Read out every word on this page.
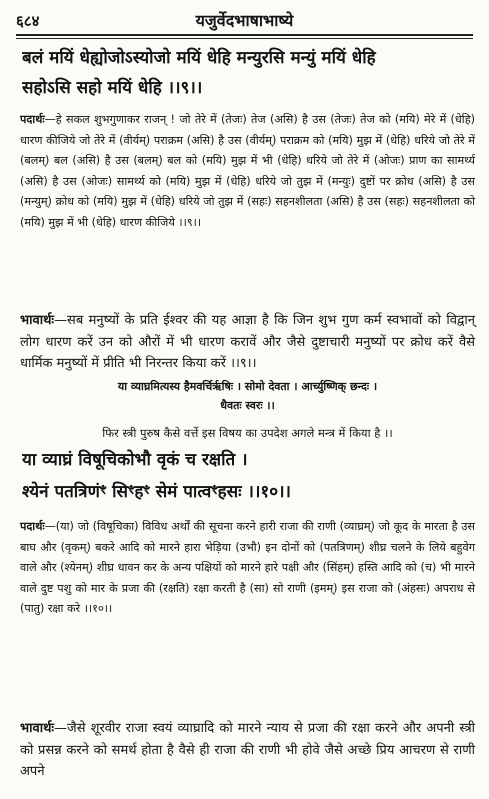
६८४	यजुर्वेदभाषाभाष्ये
बलं मयिं धेह्योजोऽस्योजो मयिं धेहि मन्युरसि मन्युं मयिं धेहि
सहोऽसि सहो मयिं धेहि ।।९।।
पदार्थः—हे सकल शुभगुणाकर राजन् ! जो तेरे में (तेजः) तेज (असि) है उस (तेजः) तेज को (मयि) मेरे में (धेहि) धारण कीजिये जो तेरे में (वीर्यम्) पराक्रम (असि) है उस (वीर्यम्) पराक्रम को (मयि) मुझ में (धेहि) धरिये जो तेरे में (बलम्) बल (असि) है उस (बलम्) बल को (मयि) मुझ में भी (धेहि) धरिये जो तेरे में (ओजः) प्राण का सामर्थ्य (असि) है उस (ओजः) सामर्थ्य को (मयि) मुझ में (धेहि) धरिये जो तुझ में (मन्युः) दुष्टों पर क्रोध (असि) है उस (मन्युम्) क्रोध को (मयि) मुझ में (धेहि) धरिये जो तुझ में (सहः) सहनशीलता (असि) है उस (सहः) सहनशीलता को (मयि) मुझ में भी (धेहि) धारण कीजिये ।।९।।
भावार्थः—सब मनुष्यों के प्रति ईश्वर की यह आज्ञा है कि जिन शुभ गुण कर्म स्वभावों को विद्वान् लोग धारण करें उन को औरों में भी धारण करावें और जैसे दुष्टाचारी मनुष्यों पर क्रोध करें वैसे धार्मिक मनुष्यों में प्रीति भी निरन्तर किया करें ।।९।।
या व्याघ्रमित्यस्य हैमवर्चिर्ऋषिः । सोमो देवता । आर्च्युष्णिक् छन्दः ।
धैवतः स्वरः ।।
फिर स्त्री पुरुष कैसे वर्त्ते इस विषय का उपदेश अगले मन्त्र में किया है ।।
या व्याघ्रं विषूचिकोभौ वृकं च रक्षति ।
श्येनं पतत्रिणंꣳ सिꣳहꣳ सेमं पात्वꣳहसः ।।१०।।
पदार्थः—(या) जो (विषूचिका) विविध अर्थों की सूचना करने हारी राजा की राणी (व्याघ्रम्) जो कूद के मारता है उस बाघ और (वृकम्) बकरे आदि को मारने हारा भेड़िया (उभौ) इन दोनों को (पतत्रिणम्) शीघ्र चलने के लिये बहुवेग वाले और (श्येनम्) शीघ्र धावन कर के अन्य पक्षियों को मारने हारे पक्षी और (सिंहम्) हस्ति आदि को (च) भी मारने वाले दुष्ट पशु को मार के प्रजा की (रक्षति) रक्षा करती है (सा) सो राणी (इमम्) इस राजा को (अंहसः) अपराध से (पातु) रक्षा करे ।।१०।।
भावार्थः—जैसे शूरवीर राजा स्वयं व्याघ्रादि को मारने न्याय से प्रजा की रक्षा करने और अपनी स्त्री को प्रसन्न करने को समर्थ होता है वैसे ही राजा की राणी भी होवे जैसे अच्छे प्रिय आचरण से राणी अपने
